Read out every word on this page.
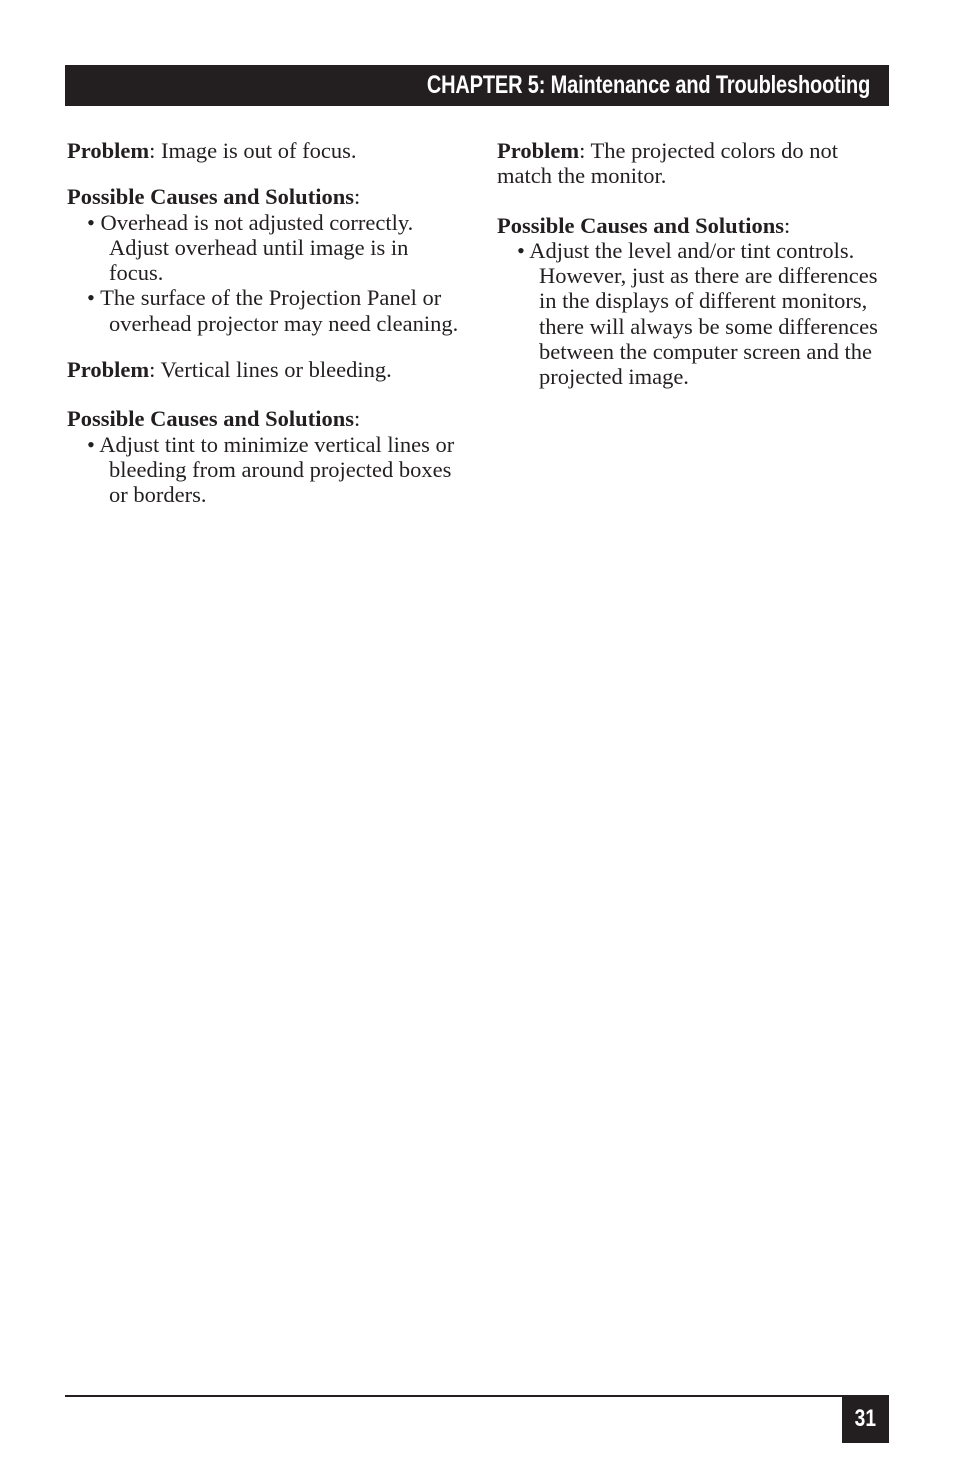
CHAPTER 5: Maintenance and Troubleshooting

Problem: Image is out of focus.

Possible Causes and Solutions:

• Overhead is not adjusted correctly. Adjust overhead until image is in focus.

• The surface of the Projection Panel or overhead projector may need cleaning.

Problem: Vertical lines or bleeding.

Possible Causes and Solutions:

• Adjust tint to minimize vertical lines or bleeding from around projected boxes or borders.

Problem: The projected colors do not match the monitor.

Possible Causes and Solutions:

• Adjust the level and/or tint controls. However, just as there are differences in the displays of different monitors, there will always be some differences between the computer screen and the projected image.

31
